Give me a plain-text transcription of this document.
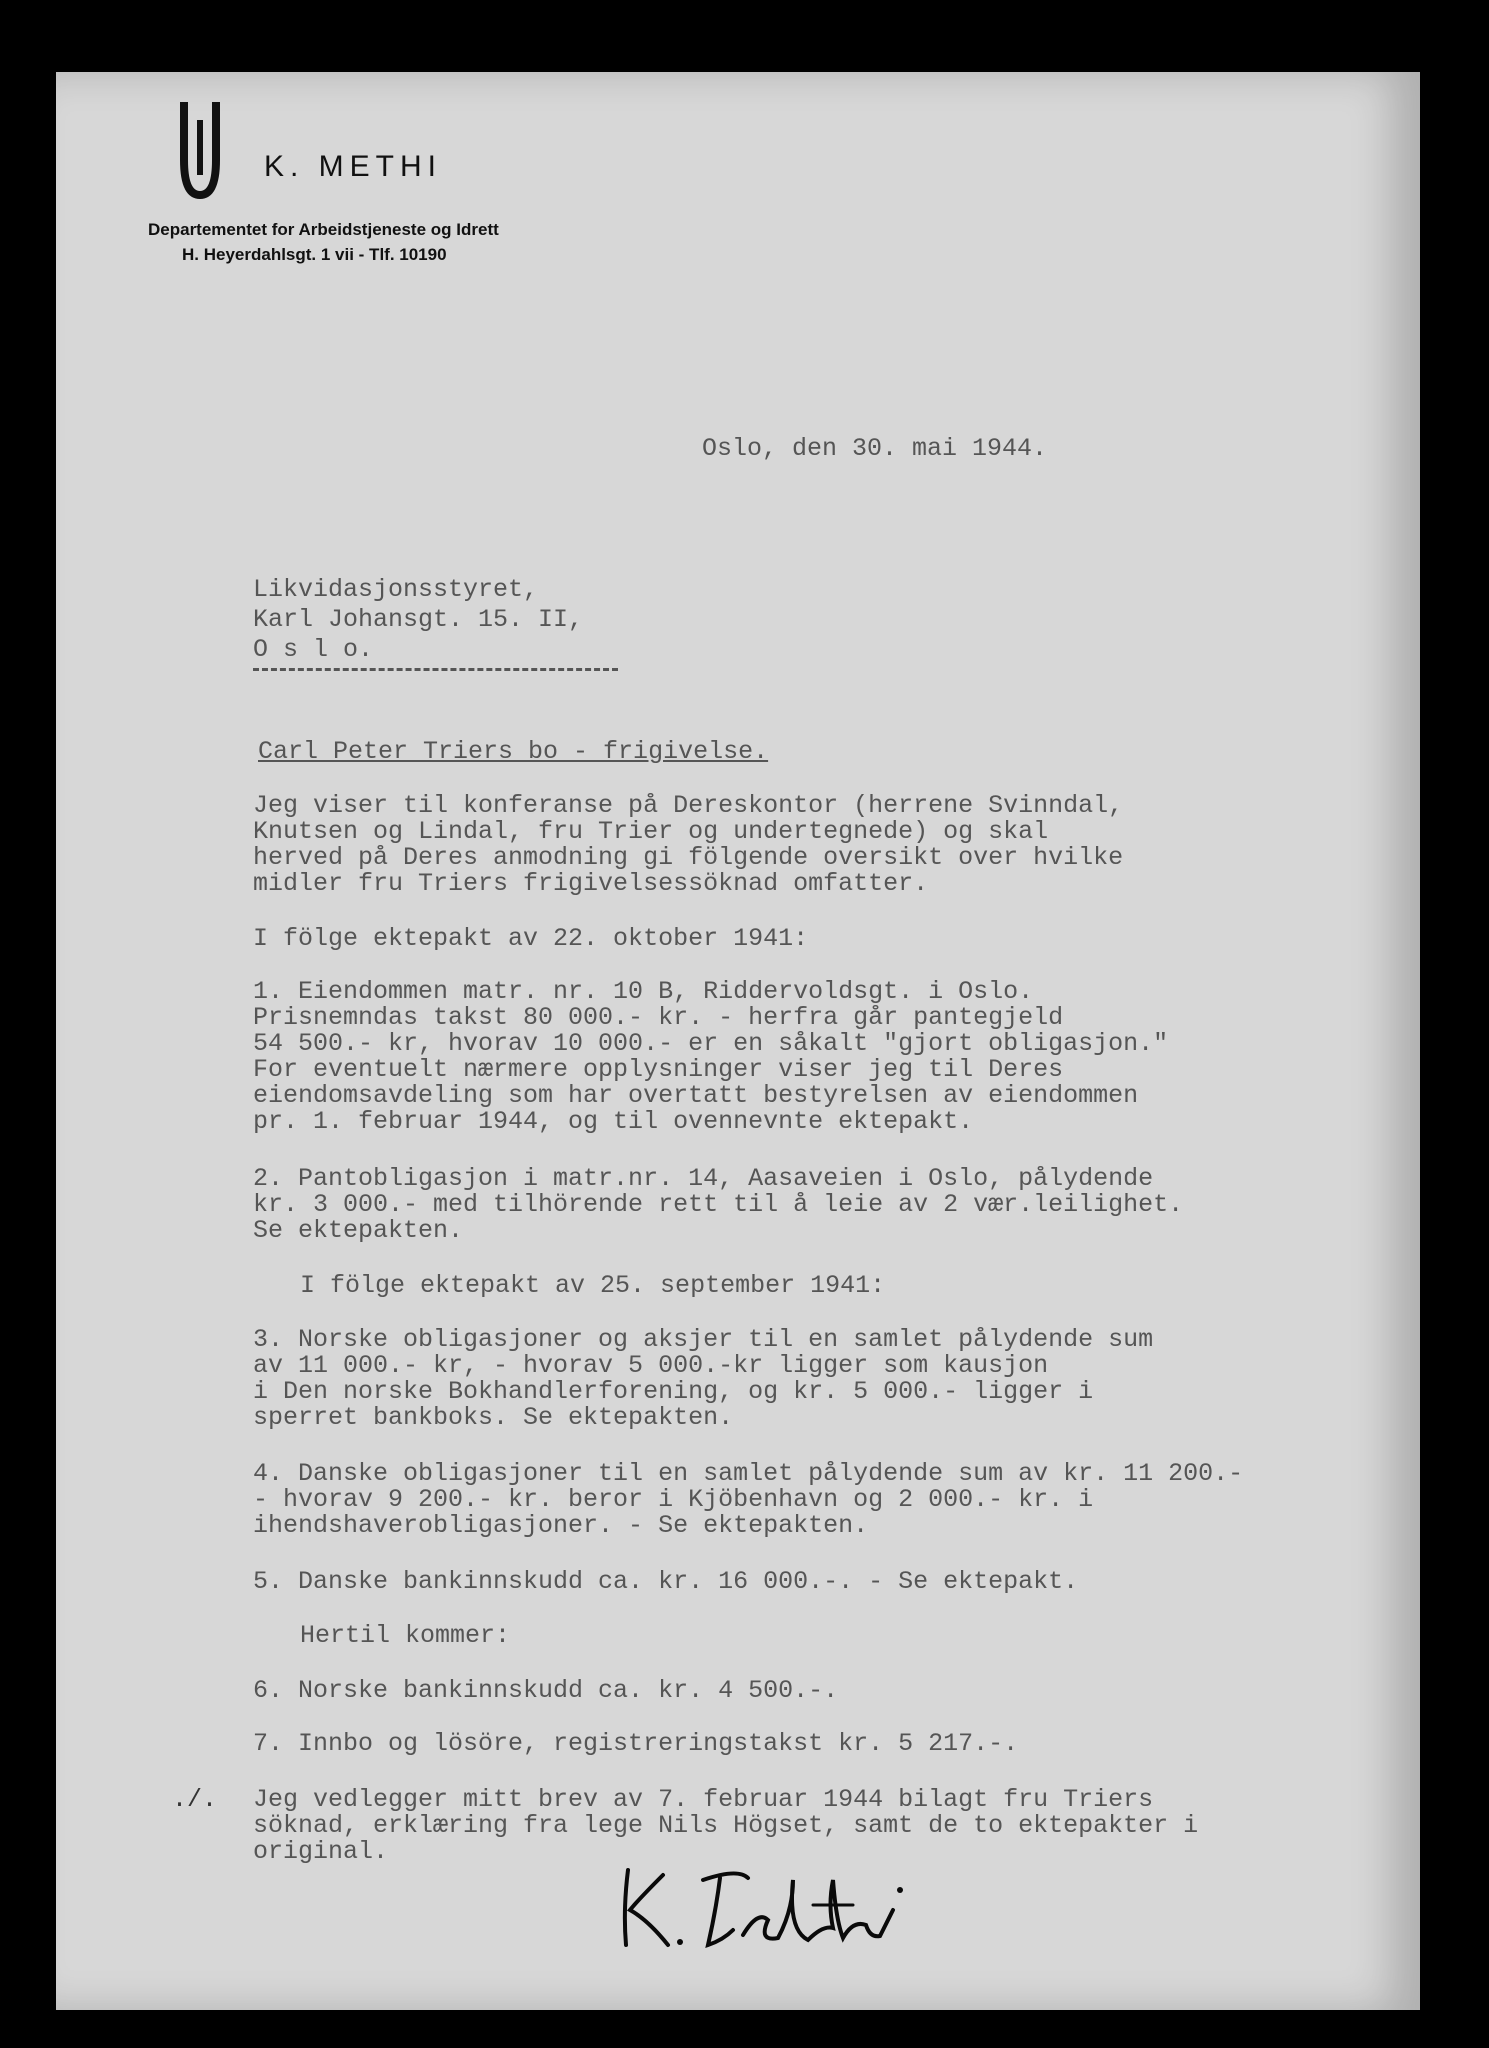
K. METHI
Departementet for Arbeidstjeneste og Idrett
H. Heyerdahlsgt. 1 vii - Tlf. 10190
Oslo, den 30. mai 1944.
Likvidasjonsstyret,
Karl Johansgt. 15. II,
O s l o.
Carl Peter Triers bo - frigivelse.
Jeg viser til konferanse på Dereskontor (herrene Svinndal,
Knutsen og Lindal, fru Trier og undertegnede) og skal
herved på Deres anmodning gi fölgende oversikt over hvilke
midler fru Triers frigivelsessöknad omfatter.
I fölge ektepakt av 22. oktober 1941:
1. Eiendommen matr. nr. 10 B, Riddervoldsgt. i Oslo.
Prisnemndas takst 80 000.- kr. - herfra går pantegjeld
54 500.- kr, hvorav 10 000.- er en såkalt "gjort obligasjon."
For eventuelt nærmere opplysninger viser jeg til Deres
eiendomsavdeling som har overtatt bestyrelsen av eiendommen
pr. 1. februar 1944, og til ovennevnte ektepakt.
2. Pantobligasjon i matr.nr. 14, Aasaveien i Oslo, pålydende
kr. 3 000.- med tilhörende rett til å leie av 2 vær.leilighet.
Se ektepakten.
I fölge ektepakt av 25. september 1941:
3. Norske obligasjoner og aksjer til en samlet pålydende sum
av 11 000.- kr, - hvorav 5 000.-kr ligger som kausjon
i Den norske Bokhandlerforening, og kr. 5 000.- ligger i
sperret bankboks. Se ektepakten.
4. Danske obligasjoner til en samlet pålydende sum av kr. 11 200.-
- hvorav 9 200.- kr. beror i Kjöbenhavn og 2 000.- kr. i
ihendshaverobligasjoner. - Se ektepakten.
5. Danske bankinnskudd ca. kr. 16 000.-. - Se ektepakt.
Hertil kommer:
6. Norske bankinnskudd ca. kr. 4 500.-.
7. Innbo og lösöre, registreringstakst kr. 5 217.-.
./. Jeg vedlegger mitt brev av 7. februar 1944 bilagt fru Triers
söknad, erklæring fra lege Nils Högset, samt de to ektepakter i
original.
